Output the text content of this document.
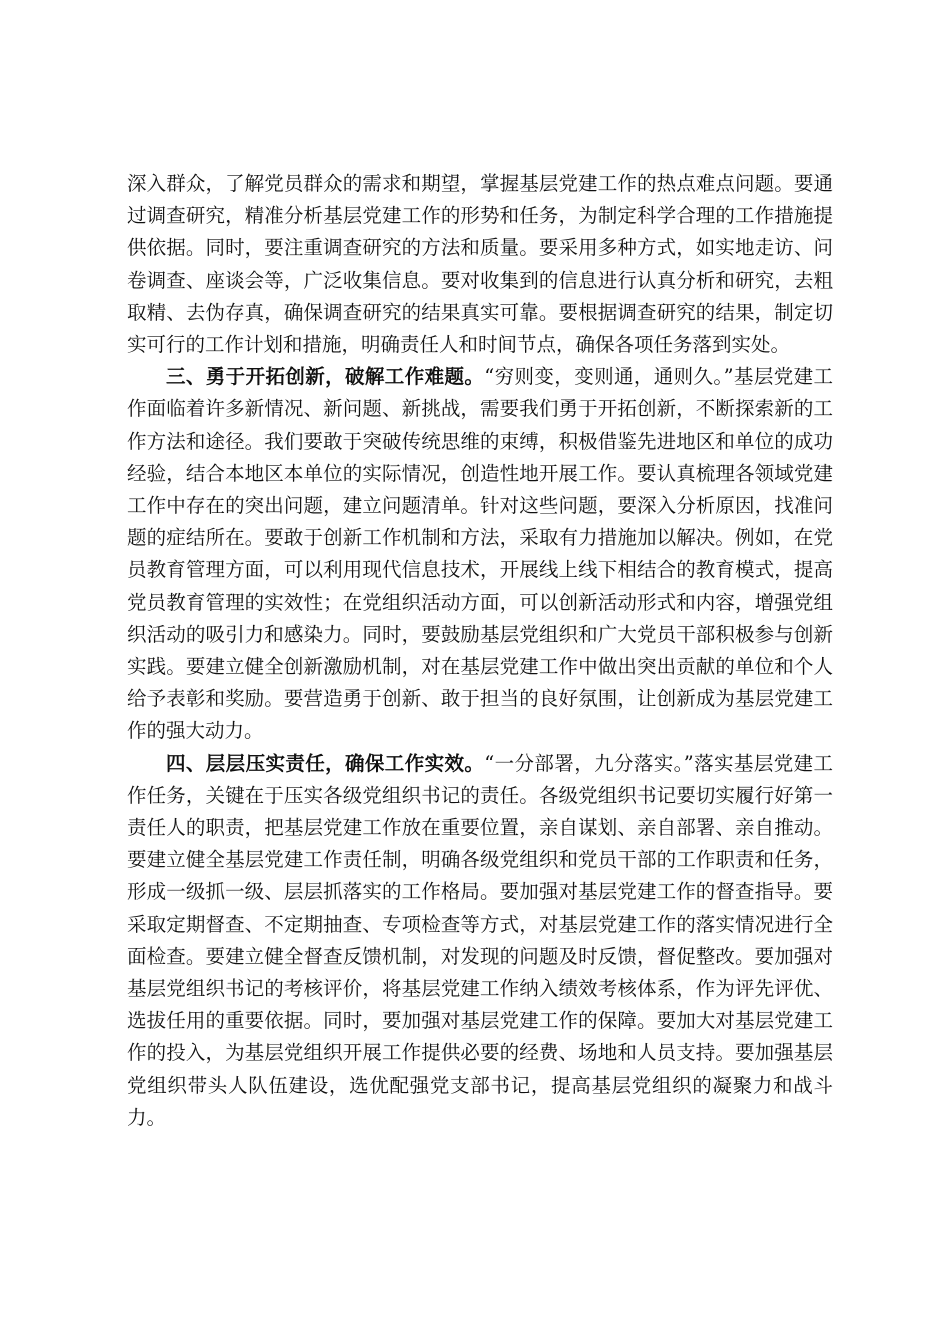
深入群众，了解党员群众的需求和期望，掌握基层党建工作的热点难点问题。要通过调查研究，精准分析基层党建工作的形势和任务，为制定科学合理的工作措施提供依据。同时，要注重调查研究的方法和质量。要采用多种方式，如实地走访、问卷调查、座谈会等，广泛收集信息。要对收集到的信息进行认真分析和研究，去粗取精、去伪存真，确保调查研究的结果真实可靠。要根据调查研究的结果，制定切实可行的工作计划和措施，明确责任人和时间节点，确保各项任务落到实处。

三、勇于开拓创新，破解工作难题。“穷则变，变则通，通则久。”基层党建工作面临着许多新情况、新问题、新挑战，需要我们勇于开拓创新，不断探索新的工作方法和途径。我们要敢于突破传统思维的束缚，积极借鉴先进地区和单位的成功经验，结合本地区本单位的实际情况，创造性地开展工作。要认真梳理各领域党建工作中存在的突出问题，建立问题清单。针对这些问题，要深入分析原因，找准问题的症结所在。要敢于创新工作机制和方法，采取有力措施加以解决。例如，在党员教育管理方面，可以利用现代信息技术，开展线上线下相结合的教育模式，提高党员教育管理的实效性；在党组织活动方面，可以创新活动形式和内容，增强党组织活动的吸引力和感染力。同时，要鼓励基层党组织和广大党员干部积极参与创新实践。要建立健全创新激励机制，对在基层党建工作中做出突出贡献的单位和个人给予表彰和奖励。要营造勇于创新、敢于担当的良好氛围，让创新成为基层党建工作的强大动力。

四、层层压实责任，确保工作实效。“一分部署，九分落实。”落实基层党建工作任务，关键在于压实各级党组织书记的责任。各级党组织书记要切实履行好第一责任人的职责，把基层党建工作放在重要位置，亲自谋划、亲自部署、亲自推动。要建立健全基层党建工作责任制，明确各级党组织和党员干部的工作职责和任务，形成一级抓一级、层层抓落实的工作格局。要加强对基层党建工作的督查指导。要采取定期督查、不定期抽查、专项检查等方式，对基层党建工作的落实情况进行全面检查。要建立健全督查反馈机制，对发现的问题及时反馈，督促整改。要加强对基层党组织书记的考核评价，将基层党建工作纳入绩效考核体系，作为评先评优、选拔任用的重要依据。同时，要加强对基层党建工作的保障。要加大对基层党建工作的投入，为基层党组织开展工作提供必要的经费、场地和人员支持。要加强基层党组织带头人队伍建设，选优配强党支部书记，提高基层党组织的凝聚力和战斗力。
